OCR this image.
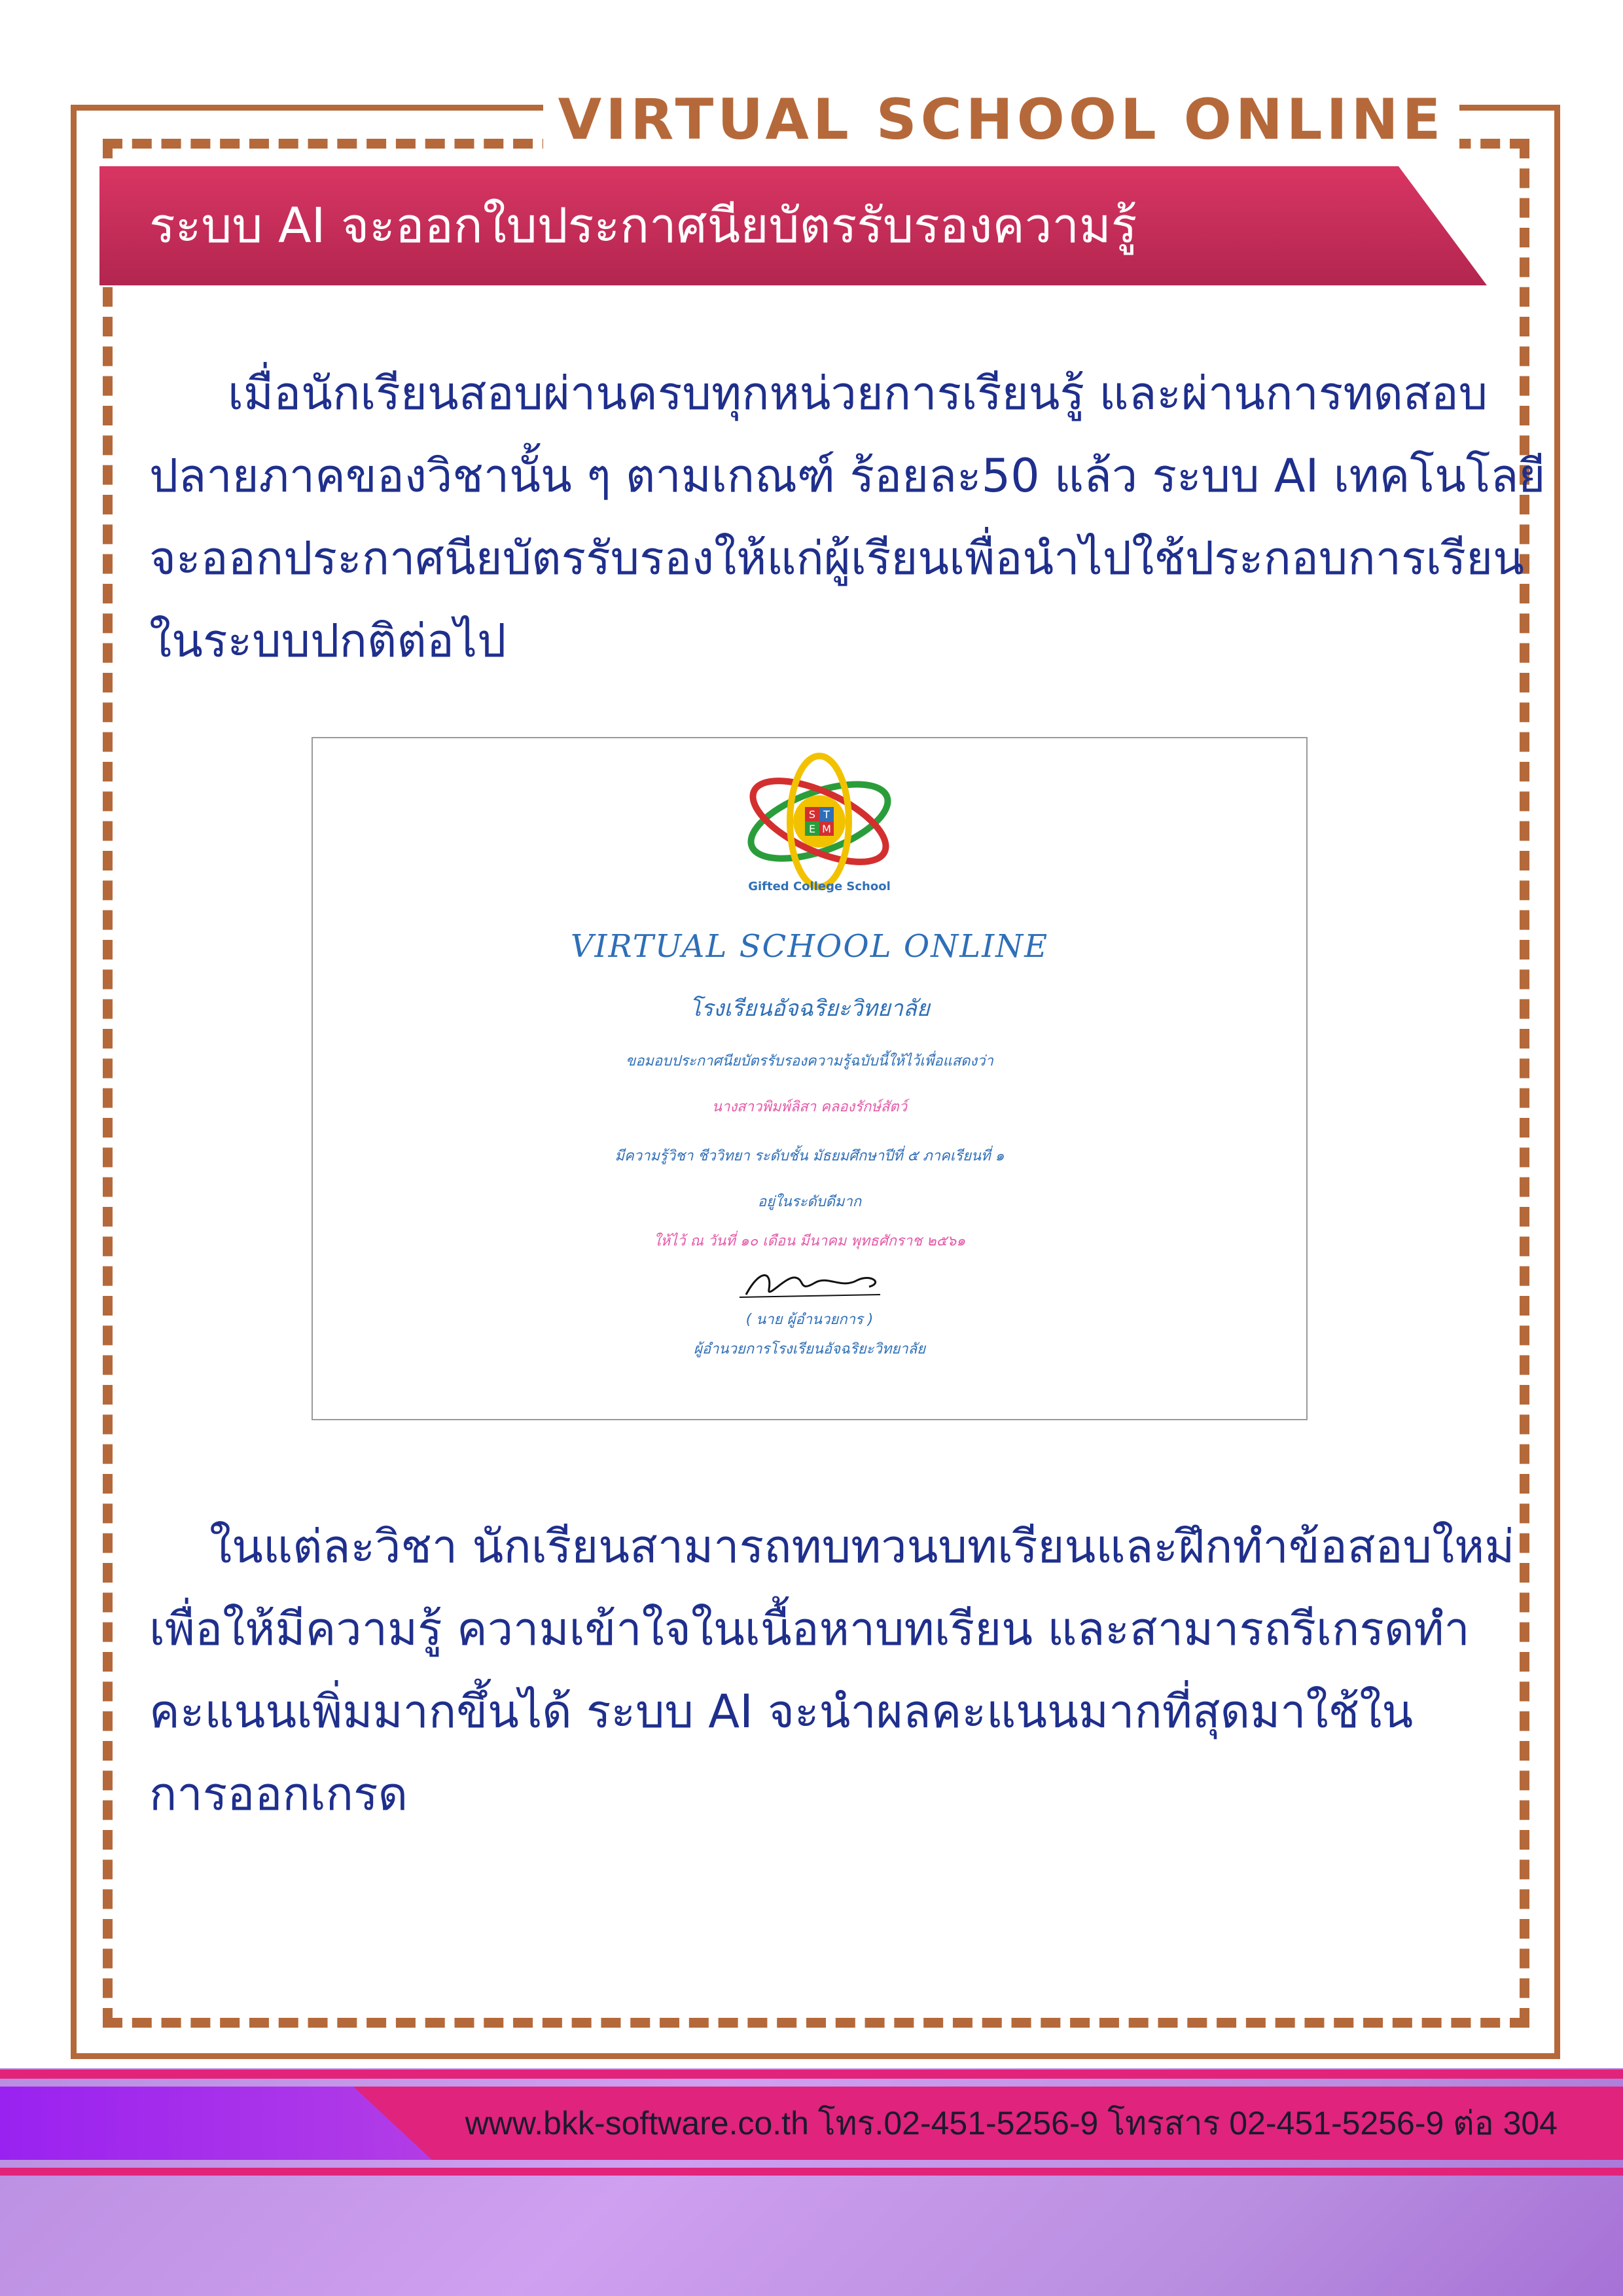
VIRTUAL SCHOOL ONLINE
ระบบ AI จะออกใบประกาศนียบัตรรับรองความรู้
เมื่อนักเรียนสอบผ่านครบทุกหน่วยการเรียนรู้ และผ่านการทดสอบ
ปลายภาคของวิชานั้น ๆ ตามเกณฑ์ ร้อยละ50 แล้ว ระบบ AI เทคโนโลยี
จะออกประกาศนียบัตรรับรองให้แก่ผู้เรียนเพื่อนำไปใช้ประกอบการเรียน
ในระบบปกติต่อไป
S T
E M
Gifted College School
VIRTUAL SCHOOL ONLINE
โรงเรียนอัจฉริยะวิทยาลัย
ขอมอบประกาศนียบัตรรับรองความรู้ฉบับนี้ให้ไว้เพื่อแสดงว่า
นางสาวพิมพ์ลิสา คลองรักษ์สัตว์
มีความรู้วิชา ชีววิทยา ระดับชั้น มัธยมศึกษาปีที่ ๕ ภาคเรียนที่ ๑
อยู่ในระดับดีมาก
ให้ไว้ ณ วันที่ ๑๐ เดือน มีนาคม พุทธศักราช ๒๕๖๑
( นาย ผู้อำนวยการ )
ผู้อำนวยการโรงเรียนอัจฉริยะวิทยาลัย
ในแต่ละวิชา นักเรียนสามารถทบทวนบทเรียนและฝึกทำข้อสอบใหม่
เพื่อให้มีความรู้ ความเข้าใจในเนื้อหาบทเรียน และสามารถรีเกรดทำ
คะแนนเพิ่มมากขึ้นได้ ระบบ AI จะนำผลคะแนนมากที่สุดมาใช้ใน
การออกเกรด
www.bkk-software.co.th โทร.02-451-5256-9 โทรสาร 02-451-5256-9 ต่อ 304
